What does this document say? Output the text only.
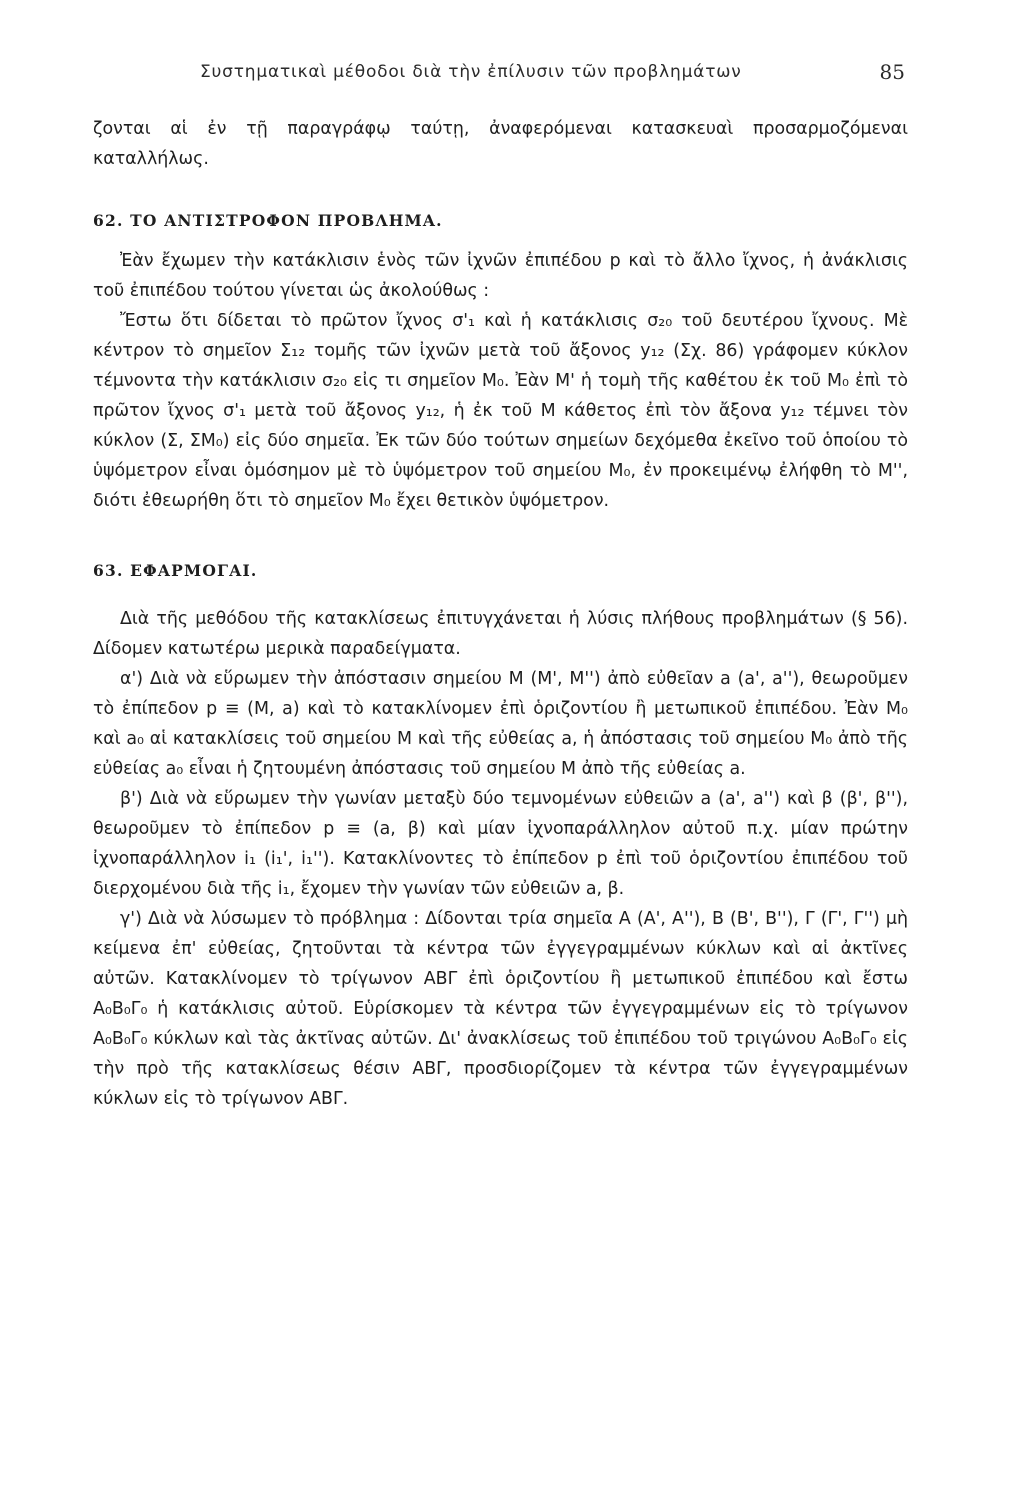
Συστηματικαὶ μέθοδοι διὰ τὴν ἐπίλυσιν τῶν προβλημάτων	85

ζονται αἱ ἐν τῇ παραγράφῳ ταύτῃ, ἀναφερόμεναι κατασκευαὶ προσαρμοζόμεναι καταλλήλως.

62. ΤΟ ΑΝΤΙΣΤΡΟΦΟΝ ΠΡΟΒΛΗΜΑ.

Ἐὰν ἔχωμεν τὴν κατάκλισιν ἑνὸς τῶν ἰχνῶν ἐπιπέδου p καὶ τὸ ἄλλο ἴχνος, ἡ ἀνάκλισις τοῦ ἐπιπέδου τούτου γίνεται ὡς ἀκολούθως :

Ἔστω ὅτι δίδεται τὸ πρῶτον ἴχνος σ'₁ καὶ ἡ κατάκλισις σ₂₀ τοῦ δευτέρου ἴχνους. Μὲ κέντρον τὸ σημεῖον Σ₁₂ τομῆς τῶν ἰχνῶν μετὰ τοῦ ἄξονος y₁₂ (Σχ. 86) γράφομεν κύκλον τέμνοντα τὴν κατάκλισιν σ₂₀ εἰς τι σημεῖον M₀. Ἐὰν M' ἡ τομὴ τῆς καθέτου ἐκ τοῦ M₀ ἐπὶ τὸ πρῶτον ἴχνος σ'₁ μετὰ τοῦ ἄξονος y₁₂, ἡ ἐκ τοῦ M κάθετος ἐπὶ τὸν ἄξονα y₁₂ τέμνει τὸν κύκλον (Σ, ΣM₀) εἰς δύο σημεῖα. Ἐκ τῶν δύο τούτων σημείων δεχόμεθα ἐκεῖνο τοῦ ὁποίου τὸ ὑψόμετρον εἶναι ὁμόσημον μὲ τὸ ὑψόμετρον τοῦ σημείου M₀, ἐν προκειμένῳ ἐλήφθη τὸ M'', διότι ἐθεωρήθη ὅτι τὸ σημεῖον M₀ ἔχει θετικὸν ὑψόμετρον.

63. ΕΦΑΡΜΟΓΑΙ.

Διὰ τῆς μεθόδου τῆς κατακλίσεως ἐπιτυγχάνεται ἡ λύσις πλήθους προβλημάτων (§ 56). Δίδομεν κατωτέρω μερικὰ παραδείγματα.

α') Διὰ νὰ εὕρωμεν τὴν ἀπόστασιν σημείου M (M', M'') ἀπὸ εὐθεῖαν a (a', a''), θεωροῦμεν τὸ ἐπίπεδον p ≡ (M, a) καὶ τὸ κατακλίνομεν ἐπὶ ὁριζοντίου ἢ μετωπικοῦ ἐπιπέδου. Ἐὰν M₀ καὶ a₀ αἱ κατακλίσεις τοῦ σημείου M καὶ τῆς εὐθείας a, ἡ ἀπόστασις τοῦ σημείου M₀ ἀπὸ τῆς εὐθείας a₀ εἶναι ἡ ζητουμένη ἀπόστασις τοῦ σημείου M ἀπὸ τῆς εὐθείας a.

β') Διὰ νὰ εὕρωμεν τὴν γωνίαν μεταξὺ δύο τεμνομένων εὐθειῶν a (a', a'') καὶ β (β', β''), θεωροῦμεν τὸ ἐπίπεδον p ≡ (a, β) καὶ μίαν ἰχνοπαράλληλον αὐτοῦ π.χ. μίαν πρώτην ἰχνοπαράλληλον i₁ (i₁', i₁''). Κατακλίνοντες τὸ ἐπίπεδον p ἐπὶ τοῦ ὁριζοντίου ἐπιπέδου τοῦ διερχομένου διὰ τῆς i₁, ἔχομεν τὴν γωνίαν τῶν εὐθειῶν a, β.

γ') Διὰ νὰ λύσωμεν τὸ πρόβλημα : Δίδονται τρία σημεῖα A (A', A''), B (B', B''), Γ (Γ', Γ'') μὴ κείμενα ἐπ' εὐθείας, ζητοῦνται τὰ κέντρα τῶν ἐγγεγραμμένων κύκλων καὶ αἱ ἀκτῖνες αὐτῶν. Κατακλίνομεν τὸ τρίγωνον ΑΒΓ ἐπὶ ὁριζοντίου ἢ μετωπικοῦ ἐπιπέδου καὶ ἔστω A₀B₀Γ₀ ἡ κατάκλισις αὐτοῦ. Εὑρίσκομεν τὰ κέντρα τῶν ἐγγεγραμμένων εἰς τὸ τρίγωνον A₀B₀Γ₀ κύκλων καὶ τὰς ἀκτῖνας αὐτῶν. Δι' ἀνακλίσεως τοῦ ἐπιπέδου τοῦ τριγώνου A₀B₀Γ₀ εἰς τὴν πρὸ τῆς κατακλίσεως θέσιν ΑΒΓ, προσδιορίζομεν τὰ κέντρα τῶν ἐγγεγραμμένων κύκλων εἰς τὸ τρίγωνον ΑΒΓ.
